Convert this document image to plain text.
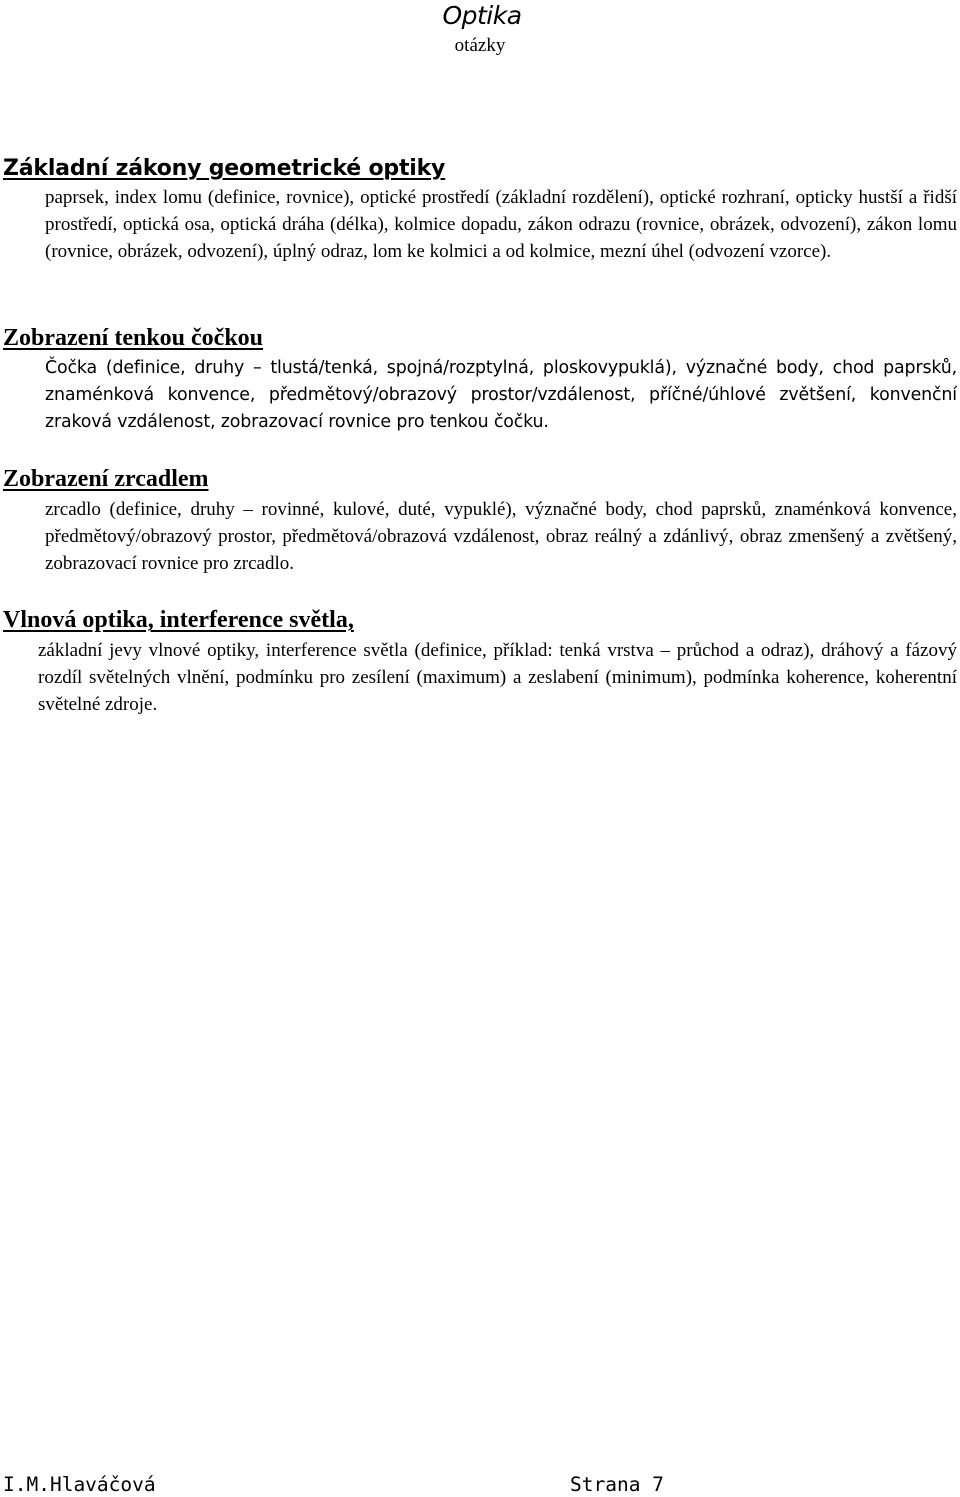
Optika
otázky
Základní zákony geometrické optiky

paprsek, index lomu (definice, rovnice), optické prostředí (základní rozdělení), optické rozhraní, opticky hustší a řidší prostředí, optická osa, optická dráha (délka), kolmice dopadu, zákon odrazu (rovnice, obrázek, odvození), zákon lomu (rovnice, obrázek, odvození), úplný odraz, lom ke kolmici a od kolmice, mezní úhel (odvození vzorce).

Zobrazení tenkou čočkou

Čočka (definice, druhy – tlustá/tenká, spojná/rozptylná, ploskovypuklá), význačné body, chod paprsků, znaménková konvence, předmětový/obrazový prostor/vzdálenost, příčné/úhlové zvětšení, konvenční zraková vzdálenost, zobrazovací rovnice pro tenkou čočku.

Zobrazení zrcadlem

zrcadlo (definice, druhy – rovinné, kulové, duté, vypuklé), význačné body, chod paprsků, znaménková konvence, předmětový/obrazový prostor, předmětová/obrazová vzdálenost, obraz reálný a zdánlivý, obraz zmenšený a zvětšený, zobrazovací rovnice pro zrcadlo.

Vlnová optika, interference světla,

základní jevy vlnové optiky, interference světla (definice, příklad: tenká vrstva – průchod a odraz), dráhový a fázový rozdíl světelných vlnění, podmínku pro zesílení (maximum) a zeslabení (minimum), podmínka koherence, koherentní světelné zdroje.

I.M.Hlaváčová	Strana 7
